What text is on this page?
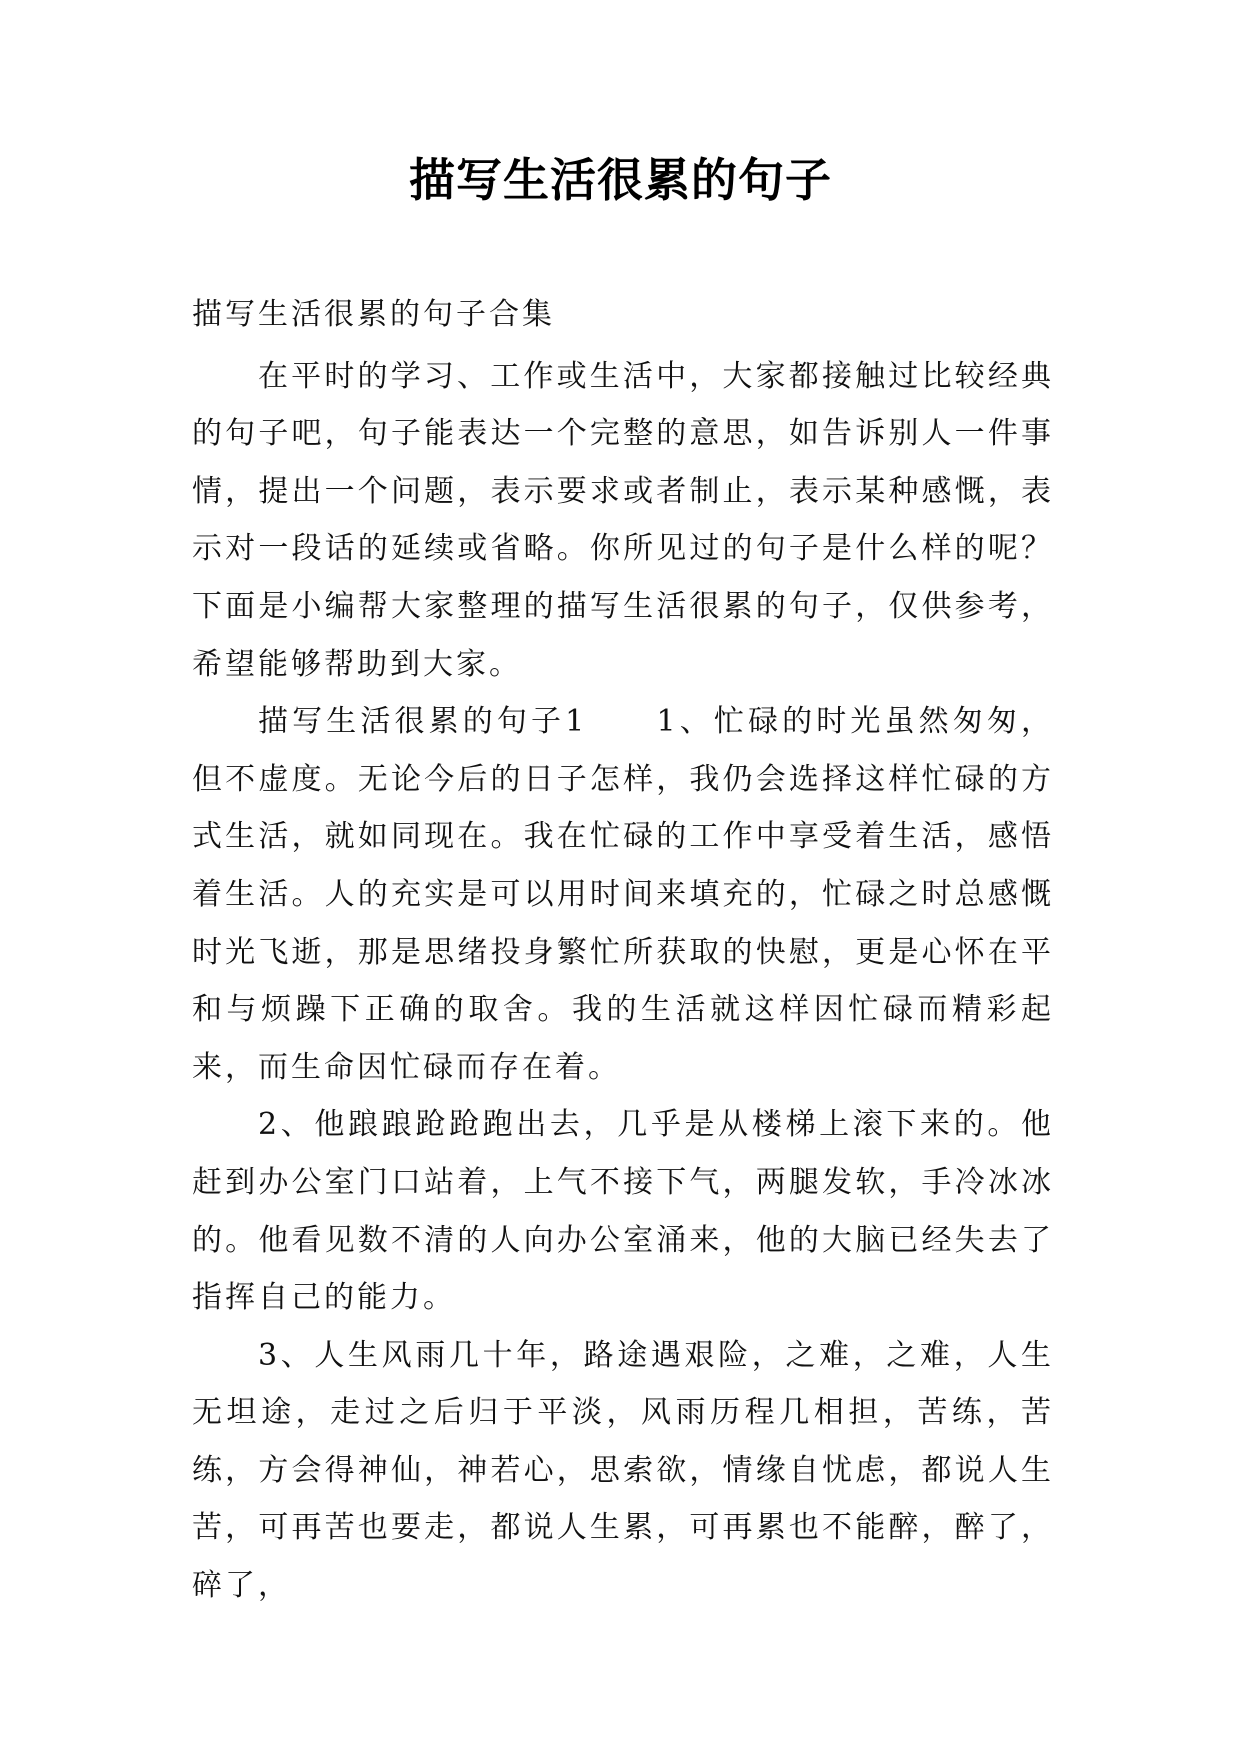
描写生活很累的句子

描写生活很累的句子合集

在平时的学习、工作或生活中，大家都接触过比较经典的句子吧，句子能表达一个完整的意思，如告诉别人一件事情，提出一个问题，表示要求或者制止，表示某种感慨，表示对一段话的延续或省略。你所见过的句子是什么样的呢？下面是小编帮大家整理的描写生活很累的句子，仅供参考，希望能够帮助到大家。

描写生活很累的句子1　　1、忙碌的时光虽然匆匆，但不虚度。无论今后的日子怎样，我仍会选择这样忙碌的方式生活，就如同现在。我在忙碌的工作中享受着生活，感悟着生活。人的充实是可以用时间来填充的，忙碌之时总感慨时光飞逝，那是思绪投身繁忙所获取的快慰，更是心怀在平和与烦躁下正确的取舍。我的生活就这样因忙碌而精彩起来，而生命因忙碌而存在着。

2、他踉踉跄跄跑出去，几乎是从楼梯上滚下来的。他赶到办公室门口站着，上气不接下气，两腿发软，手冷冰冰的。他看见数不清的人向办公室涌来，他的大脑已经失去了指挥自己的能力。

3、人生风雨几十年，路途遇艰险，之难，之难，人生无坦途，走过之后归于平淡，风雨历程几相担，苦练，苦练，方会得神仙，神若心，思索欲，情缘自忧虑，都说人生苦，可再苦也要走，都说人生累，可再累也不能醉，醉了，碎了，
